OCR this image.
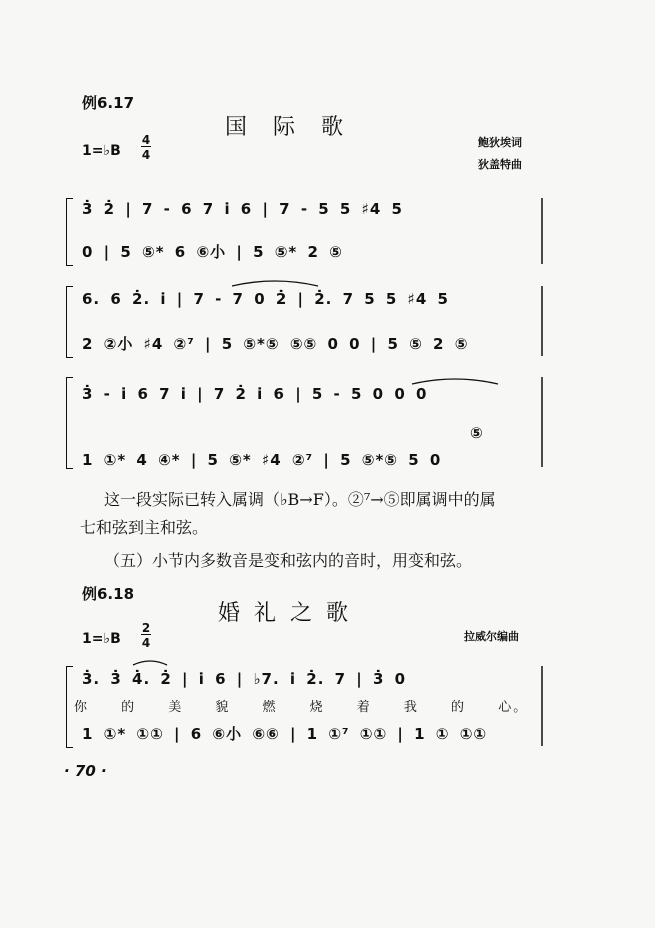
例6.17
国际歌
1=♭B
4
4
鲍狄埃词
狄盖特曲
3̇ 2̇ | 7 - 6 7 i̇ 6 | 7 - 5 5 ♯4 5
0 | 5 ⑤* 6 ⑥小 | 5 ⑤* 2 ⑤
6. 6 2̇. i̇ | 7 - 7 0 2̇ | 2̇. 7 5 5 ♯4 5
2 ②小 ♯4 ②⁷ | 5 ⑤*⑤ ⑤⑤ 0 0 | 5 ⑤ 2 ⑤
3̇ - i̇ 6 7 i̇ | 7 2̇ i̇ 6 | 5 - 5 0 0 0
⑤
1 ①* 4 ④* | 5 ⑤* ♯4 ②⁷ | 5 ⑤*⑤ 5 0
这一段实际已转入属调（♭B→F）。②⁷→⑤即属调中的属
七和弦到主和弦。
（五）小节内多数音是变和弦内的音时，用变和弦。
例6.18
婚礼之歌
1=♭B
2
4	拉威尔编曲
3̇. 3̇ 4̇. 2̇ | i̇ 6 | ♭7. i̇ 2̇. 7 | 3̇ 0
你 的 美 貌 燃 烧 着 我 的 心。
1 ①* ①① | 6 ⑥小 ⑥⑥ | 1 ①⁷ ①① | 1 ① ①①
· 70 ·
